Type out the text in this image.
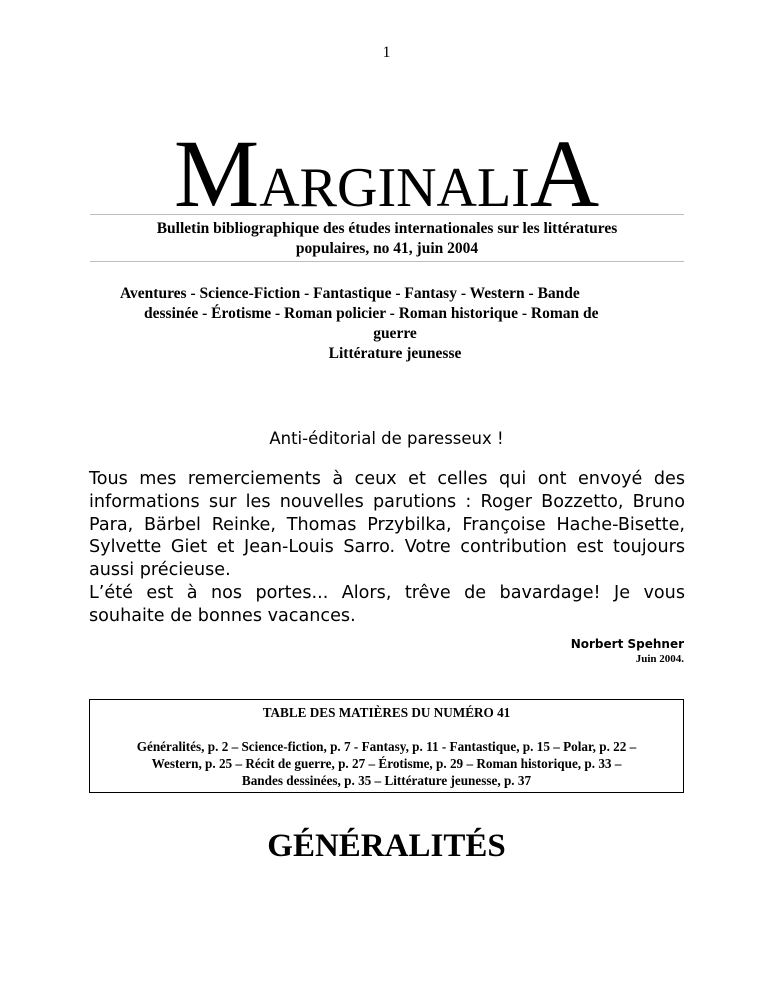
1
MARGINALIA
Bulletin bibliographique des études internationales sur les littératures
populaires, no 41, juin 2004
Aventures - Science-Fiction - Fantastique - Fantasy - Western - Bande
dessinée - Érotisme - Roman policier - Roman historique - Roman de
guerre
Littérature jeunesse
Anti-éditorial de paresseux !

Tous mes remerciements à ceux et celles qui ont envoyé des informations sur les nouvelles parutions : Roger Bozzetto, Bruno Para, Bärbel Reinke, Thomas Przybilka, Françoise Hache-Bisette, Sylvette Giet et Jean-Louis Sarro. Votre contribution est toujours aussi précieuse.

L’été est à nos portes... Alors, trêve de bavardage! Je vous souhaite de bonnes vacances.

Norbert Spehner
Juin 2004.
TABLE DES MATIÈRES DU NUMÉRO 41
Généralités, p. 2 – Science-fiction, p. 7 - Fantasy, p. 11 - Fantastique, p. 15 – Polar, p. 22 –
Western, p. 25 – Récit de guerre, p. 27 – Érotisme, p. 29 – Roman historique, p. 33 –
Bandes dessinées, p. 35 – Littérature jeunesse, p. 37
GÉNÉRALITÉS
